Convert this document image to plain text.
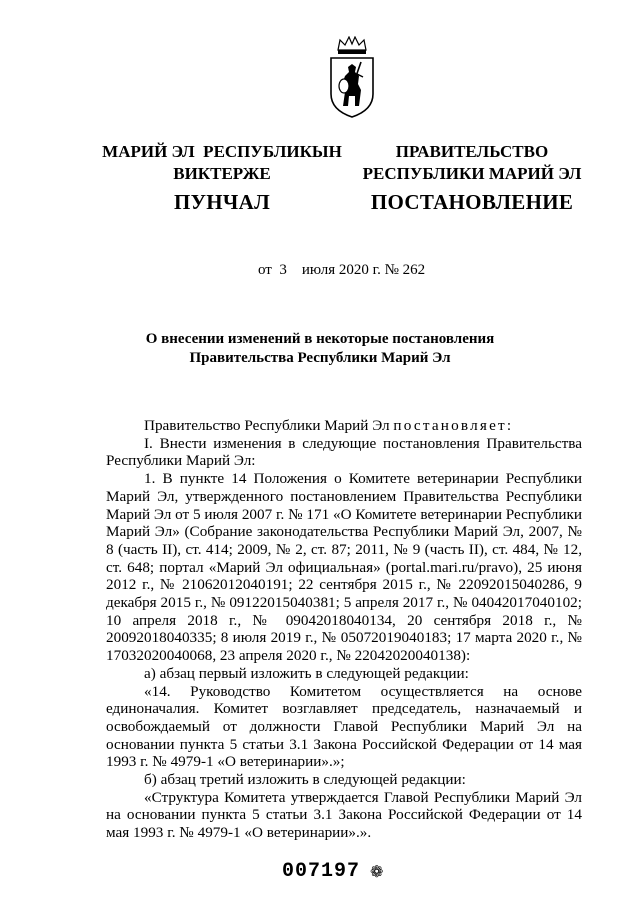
МАРИЙ ЭЛ  РЕСПУБЛИКЫН
ВИКТЕРЖЕ
ПУНЧАЛ
ПРАВИТЕЛЬСТВО
РЕСПУБЛИКИ МАРИЙ ЭЛ
ПОСТАНОВЛЕНИЕ
от  3    июля 2020 г. № 262
О внесении изменений в некоторые постановления
Правительства Республики Марий Эл

Правительство Республики Марий Эл постановляет:

I. Внести изменения в следующие постановления Правительства Республики Марий Эл:

1. В пункте 14 Положения о Комитете ветеринарии Республики Марий Эл, утвержденного постановлением Правительства Республики Марий Эл от 5 июля 2007 г. № 171 «О Комитете ветеринарии Республики Марий Эл» (Собрание законодательства Республики Марий Эл, 2007, № 8 (часть II), ст. 414; 2009, № 2, ст. 87; 2011, № 9 (часть II), ст. 484, № 12, ст. 648; портал «Марий Эл официальная» (portal.mari.ru/pravo), 25 июня 2012 г., № 21062012040191; 22 сентября 2015 г., № 22092015040286, 9 декабря 2015 г., № 09122015040381; 5 апреля 2017 г., № 04042017040102; 10 апреля 2018 г., № 09042018040134, 20 сентября 2018 г., № 20092018040335; 8 июля 2019 г., № 05072019040183; 17 марта 2020 г., № 17032020040068, 23 апреля 2020 г., № 22042020040138):

а) абзац первый изложить в следующей редакции:

«14. Руководство Комитетом осуществляется на основе единоначалия. Комитет возглавляет председатель, назначаемый и освобождаемый от должности Главой Республики Марий Эл на основании пункта 5 статьи 3.1 Закона Российской Федерации от 14 мая 1993 г. № 4979-1 «О ветеринарии».»;

б) абзац третий изложить в следующей редакции:

«Структура Комитета утверждается Главой Республики Марий Эл на основании пункта 5 статьи 3.1 Закона Российской Федерации от 14 мая 1993 г. № 4979-1 «О ветеринарии».».

007197 ❁
